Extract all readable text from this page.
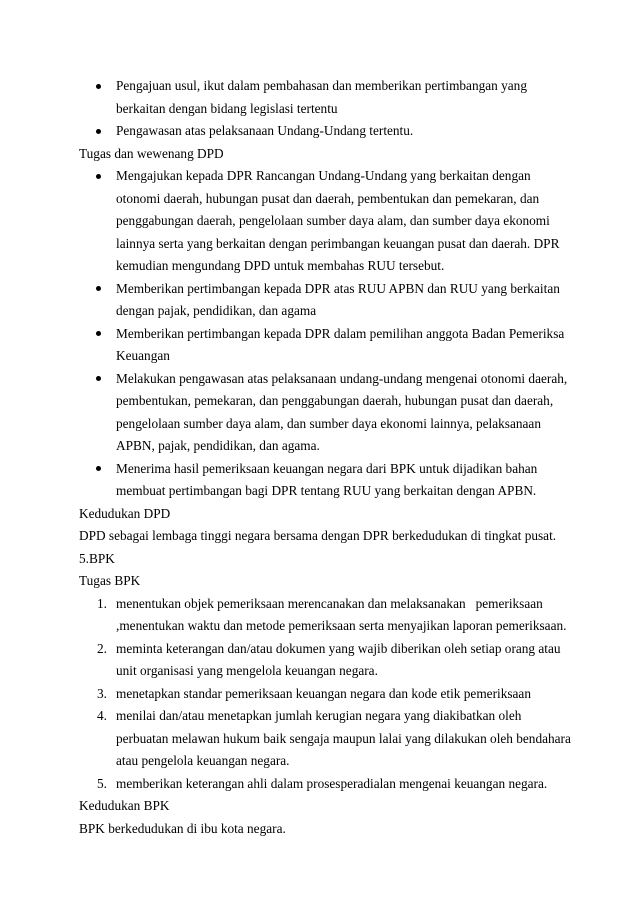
Pengajuan usul, ikut dalam pembahasan dan memberikan pertimbangan yang
berkaitan dengan bidang legislasi tertentu
Pengawasan atas pelaksanaan Undang-Undang tertentu.
Tugas dan wewenang DPD
Mengajukan kepada DPR Rancangan Undang-Undang yang berkaitan dengan
otonomi daerah, hubungan pusat dan daerah, pembentukan dan pemekaran, dan
penggabungan daerah, pengelolaan sumber daya alam, dan sumber daya ekonomi
lainnya serta yang berkaitan dengan perimbangan keuangan pusat dan daerah. DPR
kemudian mengundang DPD untuk membahas RUU tersebut.
Memberikan pertimbangan kepada DPR atas RUU APBN dan RUU yang berkaitan
dengan pajak, pendidikan, dan agama
Memberikan pertimbangan kepada DPR dalam pemilihan anggota Badan Pemeriksa
Keuangan
Melakukan pengawasan atas pelaksanaan undang-undang mengenai otonomi daerah,
pembentukan, pemekaran, dan penggabungan daerah, hubungan pusat dan daerah,
pengelolaan sumber daya alam, dan sumber daya ekonomi lainnya, pelaksanaan
APBN, pajak, pendidikan, dan agama.
Menerima hasil pemeriksaan keuangan negara dari BPK untuk dijadikan bahan
membuat pertimbangan bagi DPR tentang RUU yang berkaitan dengan APBN.
Kedudukan DPD
DPD sebagai lembaga tinggi negara bersama dengan DPR berkedudukan di tingkat pusat.
5.BPK
Tugas BPK
1. menentukan objek pemeriksaan merencanakan dan melaksanakan   pemeriksaan
,menentukan waktu dan metode pemeriksaan serta menyajikan laporan pemeriksaan.
2. meminta keterangan dan/atau dokumen yang wajib diberikan oleh setiap orang atau
unit organisasi yang mengelola keuangan negara.
3. menetapkan standar pemeriksaan keuangan negara dan kode etik pemeriksaan
4. menilai dan/atau menetapkan jumlah kerugian negara yang diakibatkan oleh
perbuatan melawan hukum baik sengaja maupun lalai yang dilakukan oleh bendahara
atau pengelola keuangan negara.
5. memberikan keterangan ahli dalam prosesperadialan mengenai keuangan negara.
Kedudukan BPK
BPK berkedudukan di ibu kota negara.
